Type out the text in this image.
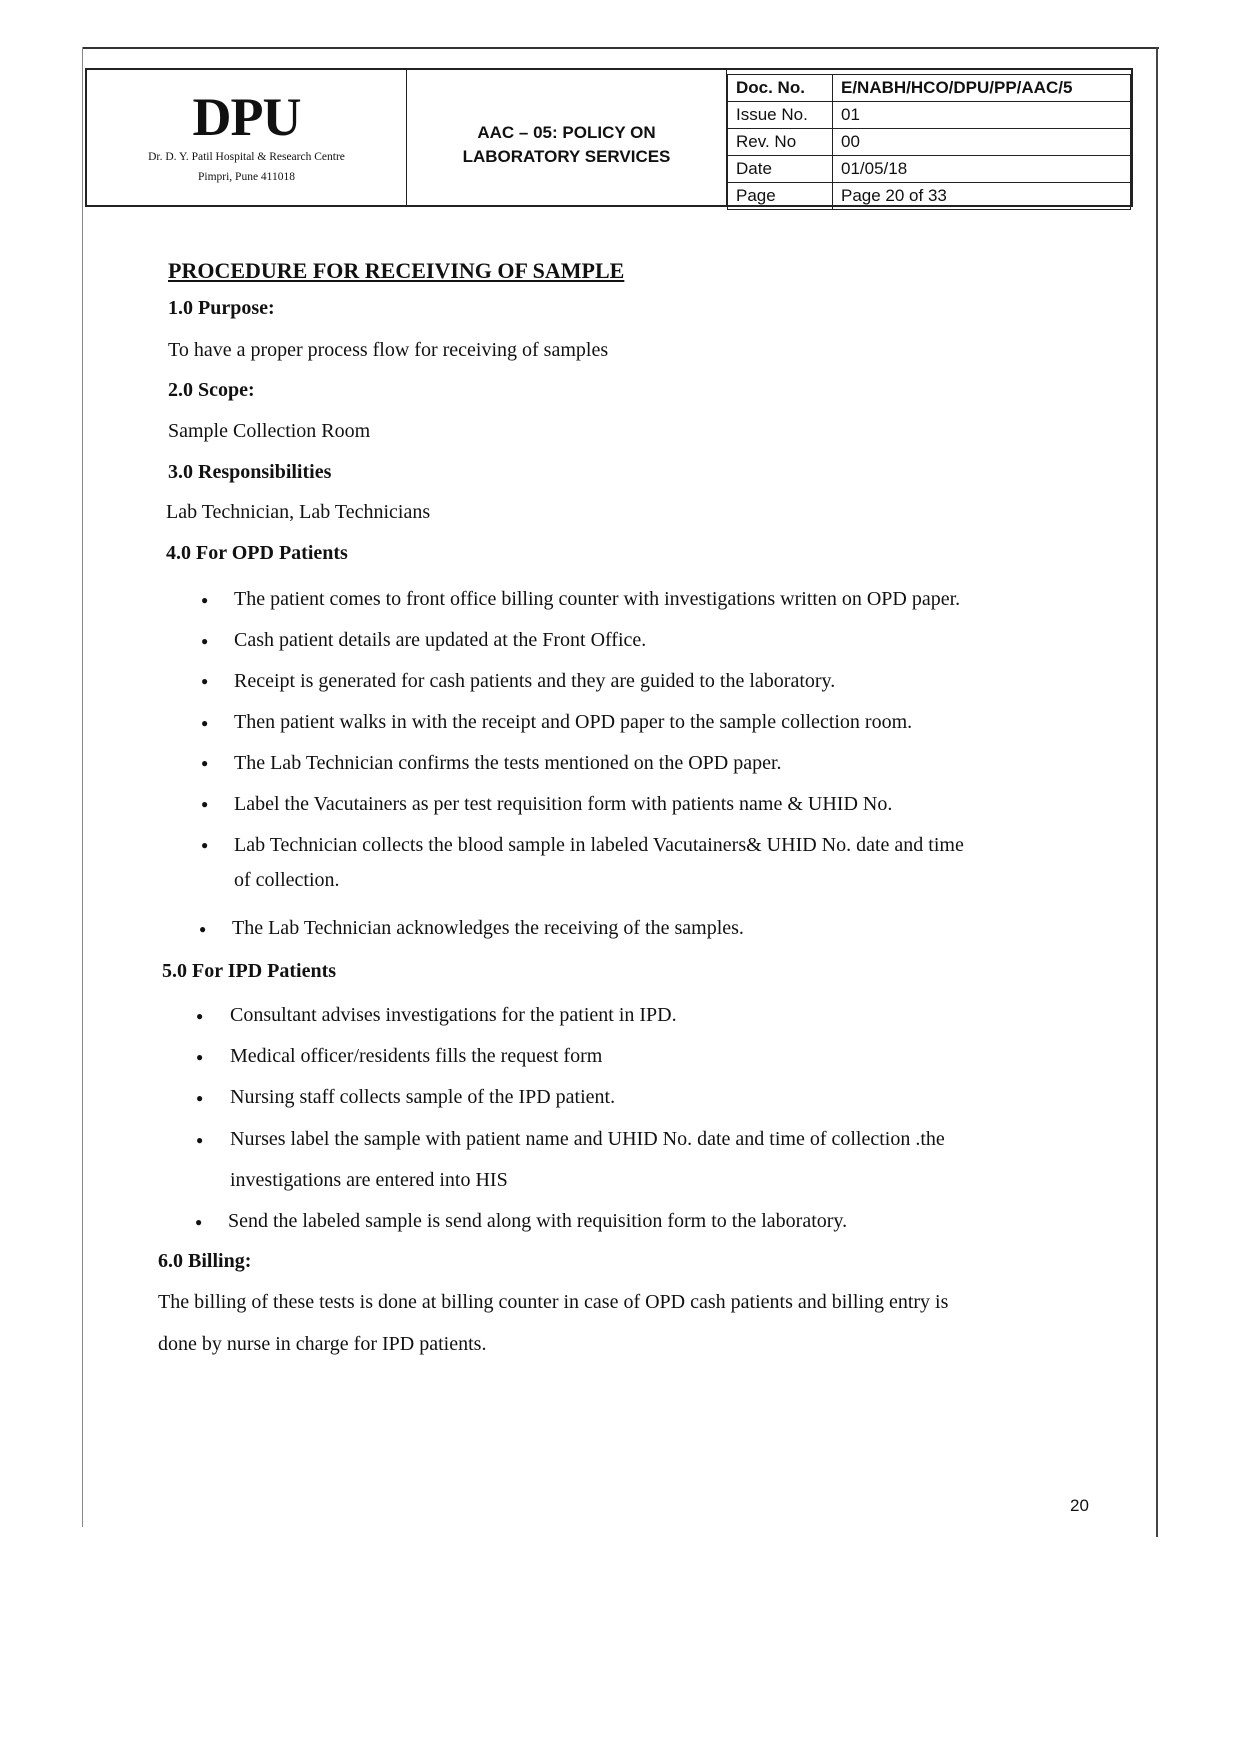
DPU
Dr. D. Y. Patil Hospital & Research Centre
Pimpri, Pune 411018
AAC – 05: POLICY ON
LABORATORY SERVICES
Doc. No.	E/NABH/HCO/DPU/PP/AAC/5
Issue No.	01
Rev. No	00
Date	01/05/18
Page	Page 20 of 33
PROCEDURE FOR RECEIVING OF SAMPLE
1.0 Purpose:
To have a proper process flow for receiving of samples
2.0 Scope:
Sample Collection Room
3.0 Responsibilities
Lab Technician, Lab Technicians
4.0 For OPD Patients
● The patient comes to front office billing counter with investigations written on OPD paper.
● Cash patient details are updated at the Front Office.
● Receipt is generated for cash patients and they are guided to the laboratory.
● Then patient walks in with the receipt and OPD paper to the sample collection room.
● The Lab Technician confirms the tests mentioned on the OPD paper.
● Label the Vacutainers as per test requisition form with patients name & UHID No.
● Lab Technician collects the blood sample in labeled Vacutainers& UHID No. date and time
of collection.
● The Lab Technician acknowledges the receiving of the samples.
5.0 For IPD Patients
● Consultant advises investigations for the patient in IPD.
● Medical officer/residents fills the request form
● Nursing staff collects sample of the IPD patient.
● Nurses label the sample with patient name and UHID No. date and time of collection .the
investigations are entered into HIS
● Send the labeled sample is send along with requisition form to the laboratory.
6.0 Billing:
The billing of these tests is done at billing counter in case of OPD cash patients and billing entry is
done by nurse in charge for IPD patients.
20
